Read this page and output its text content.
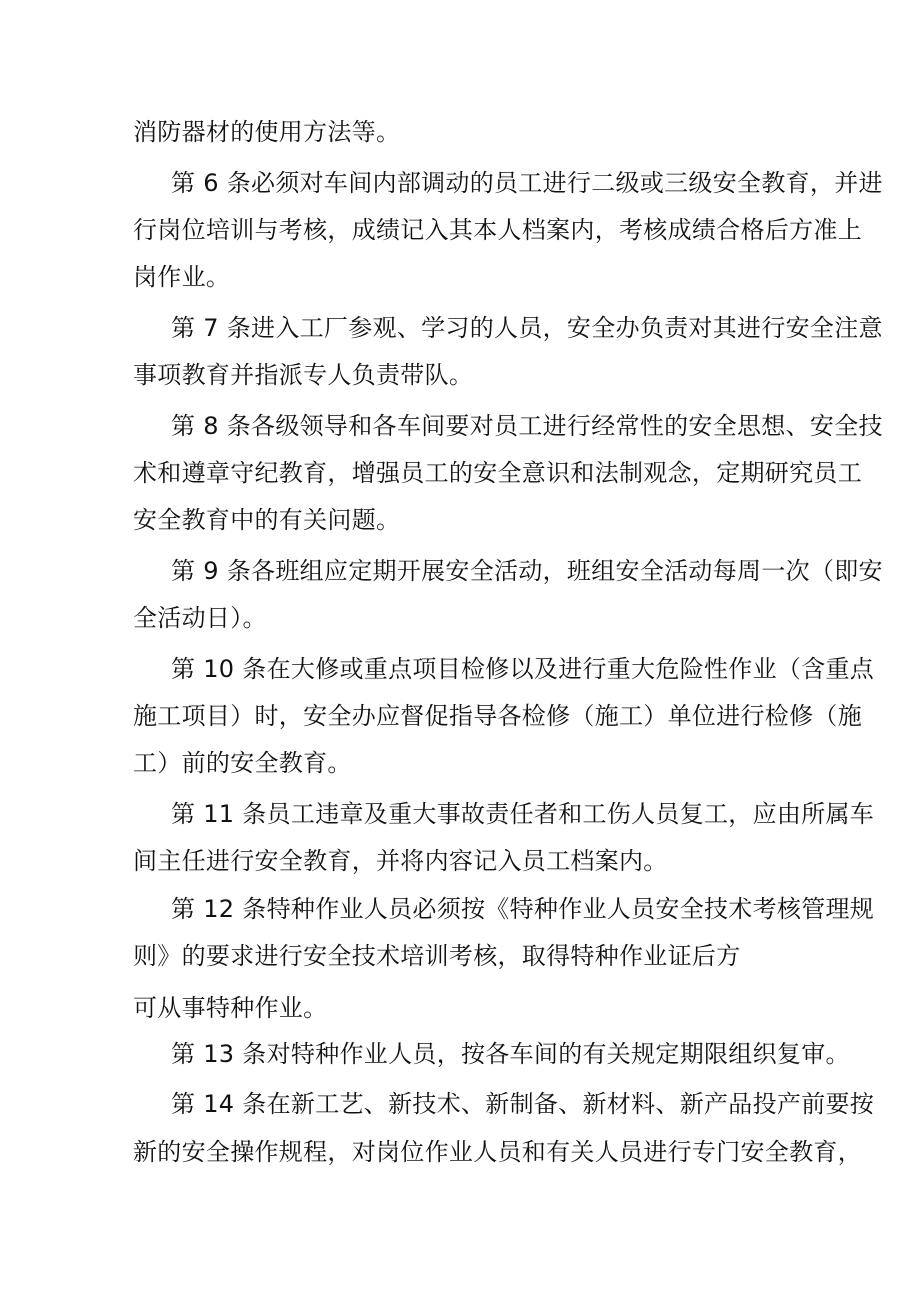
消防器材的使用方法等。
第 6 条必须对车间内部调动的员工进行二级或三级安全教育，并进
行岗位培训与考核，成绩记入其本人档案内，考核成绩合格后方准上
岗作业。
第 7 条进入工厂参观、学习的人员，安全办负责对其进行安全注意
事项教育并指派专人负责带队。
第 8 条各级领导和各车间要对员工进行经常性的安全思想、安全技
术和遵章守纪教育，增强员工的安全意识和法制观念，定期研究员工
安全教育中的有关问题。
第 9 条各班组应定期开展安全活动，班组安全活动每周一次（即安
全活动日）。
第 10 条在大修或重点项目检修以及进行重大危险性作业（含重点
施工项目）时，安全办应督促指导各检修（施工）单位进行检修（施
工）前的安全教育。
第 11 条员工违章及重大事故责任者和工伤人员复工，应由所属车
间主任进行安全教育，并将内容记入员工档案内。
第 12 条特种作业人员必须按《特种作业人员安全技术考核管理规
则》的要求进行安全技术培训考核，取得特种作业证后方
可从事特种作业。
第 13 条对特种作业人员，按各车间的有关规定期限组织复审。
第 14 条在新工艺、新技术、新制备、新材料、新产品投产前要按
新的安全操作规程，对岗位作业人员和有关人员进行专门安全教育，
